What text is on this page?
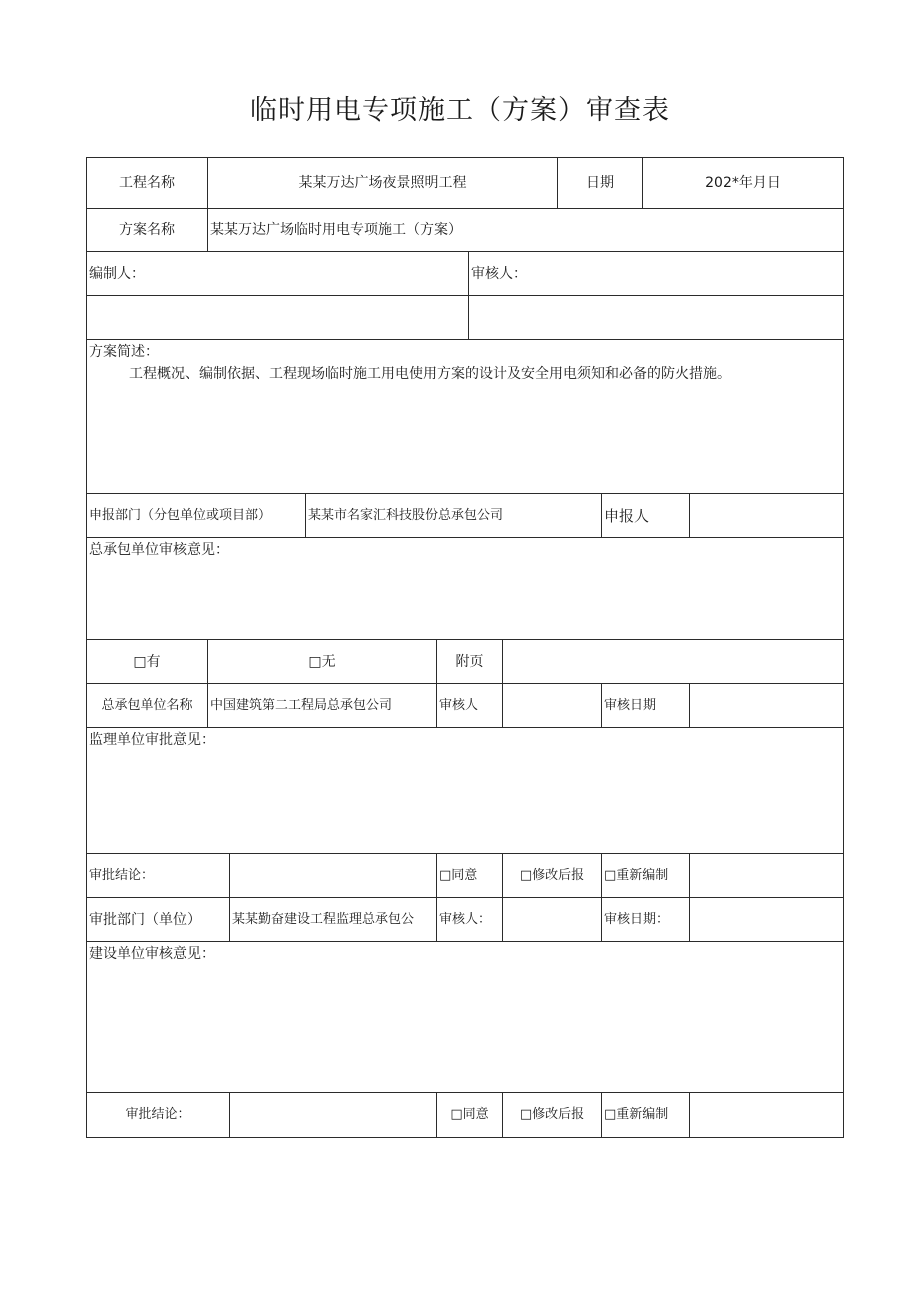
临时用电专项施工（方案）审查表
工程名称	某某万达广场夜景照明工程	日期	202*年月日
方案名称	某某万达广场临时用电专项施工（方案）
编制人：	审核人：
方案简述：
工程概况、编制依据、工程现场临时施工用电使用方案的设计及安全用电须知和必备的防火措施。
申报部门（分包单位或项目部）	某某市名家汇科技股份总承包公司	申报人
总承包单位审核意见：
□有	□无	附页
总承包单位名称	中国建筑第二工程局总承包公司	审核人	审核日期
监理单位审批意见：
审批结论：	□同意	□修改后报	□重新编制
审批部门（单位）	某某勤奋建设工程监理总承包公	审核人：	审核日期：
建设单位审核意见：
审批结论：	□同意	□修改后报	□重新编制
